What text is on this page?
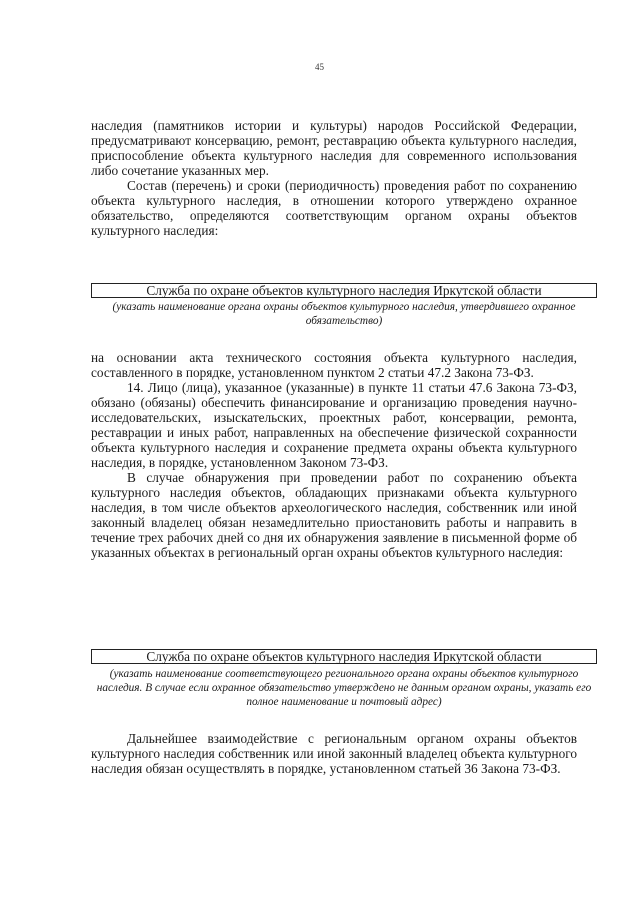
45

наследия (памятников истории и культуры) народов Российской Федерации, предусматривают консервацию, ремонт, реставрацию объекта культурного наследия, приспособление объекта культурного наследия для современного использования либо сочетание указанных мер.

Состав (перечень) и сроки (периодичность) проведения работ по сохранению объекта культурного наследия, в отношении которого утверждено охранное обязательство, определяются соответствующим органом охраны объектов культурного наследия:

Служба по охране объектов культурного наследия Иркутской области
(указать наименование органа охраны объектов культурного наследия, утвердившего охранное обязательство)

на основании акта технического состояния объекта культурного наследия, составленного в порядке, установленном пунктом 2 статьи 47.2 Закона 73-ФЗ.

14. Лицо (лица), указанное (указанные) в пункте 11 статьи 47.6 Закона 73-ФЗ, обязано (обязаны) обеспечить финансирование и организацию проведения научно-исследовательских, изыскательских, проектных работ, консервации, ремонта, реставрации и иных работ, направленных на обеспечение физической сохранности объекта культурного наследия и сохранение предмета охраны объекта культурного наследия, в порядке, установленном Законом 73-ФЗ.

В случае обнаружения при проведении работ по сохранению объекта культурного наследия объектов, обладающих признаками объекта культурного наследия, в том числе объектов археологического наследия, собственник или иной законный владелец обязан незамедлительно приостановить работы и направить в течение трех рабочих дней со дня их обнаружения заявление в письменной форме об указанных объектах в региональный орган охраны объектов культурного наследия:

Служба по охране объектов культурного наследия Иркутской области
(указать наименование соответствующего регионального органа охраны объектов культурного наследия. В случае если охранное обязательство утверждено не данным органом охраны, указать его полное наименование и почтовый адрес)

Дальнейшее взаимодействие с региональным органом охраны объектов культурного наследия собственник или иной законный владелец объекта культурного наследия обязан осуществлять в порядке, установленном статьей 36 Закона 73-ФЗ.
